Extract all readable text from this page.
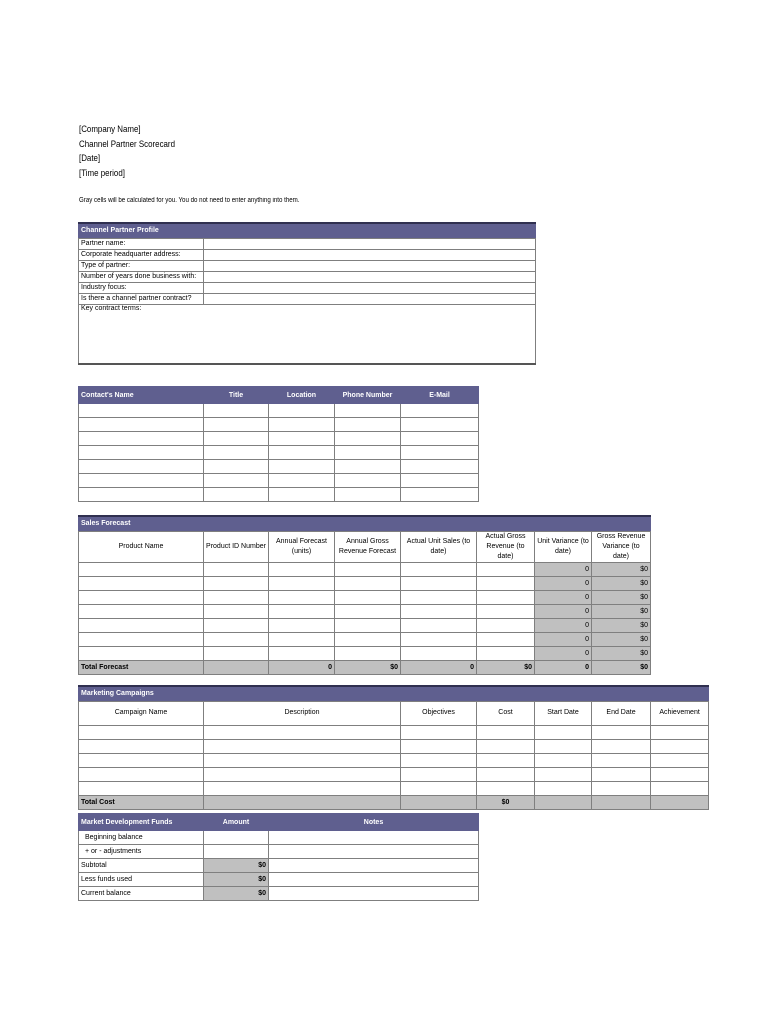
[Company Name]
Channel Partner Scorecard
[Date]
[Time period]
Gray cells will be calculated for you. You do not need to enter anything into them.
Channel Partner Profile	
Partner name:	
Corporate headquarter address:	
Type of partner:	
Number of years done business with:	
Industry focus:	
Is there a channel partner contract?	
Key contract terms:	
Contact's Name	Title	Location	Phone Number	E-Mail

Sales Forecast							
Product Name	Product ID Number	Annual Forecast (units)	Annual Gross Revenue Forecast	Actual Unit Sales (to date)	Actual Gross Revenue (to date)	Unit Variance (to date)	Gross Revenue Variance (to date)
						0	$0
						0	$0
						0	$0
						0	$0
						0	$0
						0	$0
						0	$0
Total Forecast		0	$0	0	$0	0	$0
Marketing Campaigns						
Campaign Name	Description	Objectives	Cost	Start Date	End Date	Achievement

Total Cost			$0			
Market Development Funds	Amount	Notes
Beginning balance		
+ or - adjustments		
Subtotal	$0	
Less funds used	$0	
Current balance	$0	
